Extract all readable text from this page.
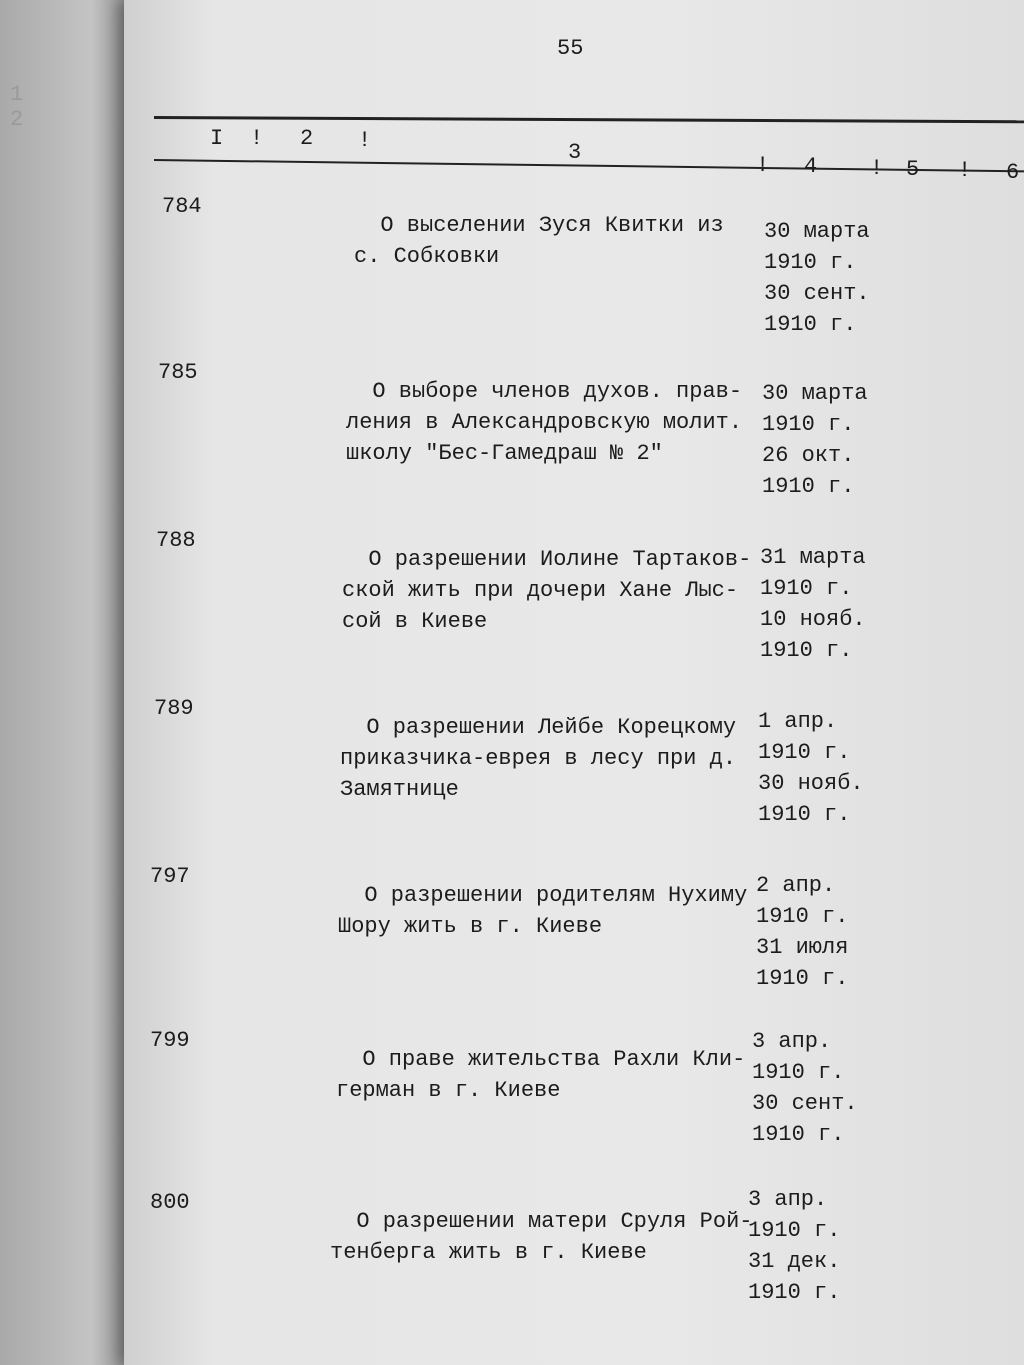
1 2
55
I ! 2 !	3
! 4 ! 5 ! 6
784
О выселении Зуся Квитки из
с. Собковки
30 марта
1910 г.
30 сент.
1910 г.
785
О выборе членов духов. прав-
ления в Александровскую молит.
школу "Бес-Гамедраш № 2"
30 марта
1910 г.
26 окт.
1910 г.
788
О разрешении Иолине Тартаков-
ской жить при дочери Хане Лыс-
сой в Киеве
31 марта
1910 г.
10 нояб.
1910 г.
789
О разрешении Лейбе Корецкому
приказчика-еврея в лесу при д.
Замятнице
1 апр.
1910 г.
30 нояб.
1910 г.
797
О разрешении родителям Нухиму
Шору жить в г. Киеве
2 апр.
1910 г.
31 июля
1910 г.
799
О праве жительства Рахли Кли-
герман в г. Киеве
3 апр.
1910 г.
30 сент.
1910 г.
800
О разрешении матери Сруля Рой-
тенберга жить в г. Киеве
3 апр.
1910 г.
31 дек.
1910 г.
